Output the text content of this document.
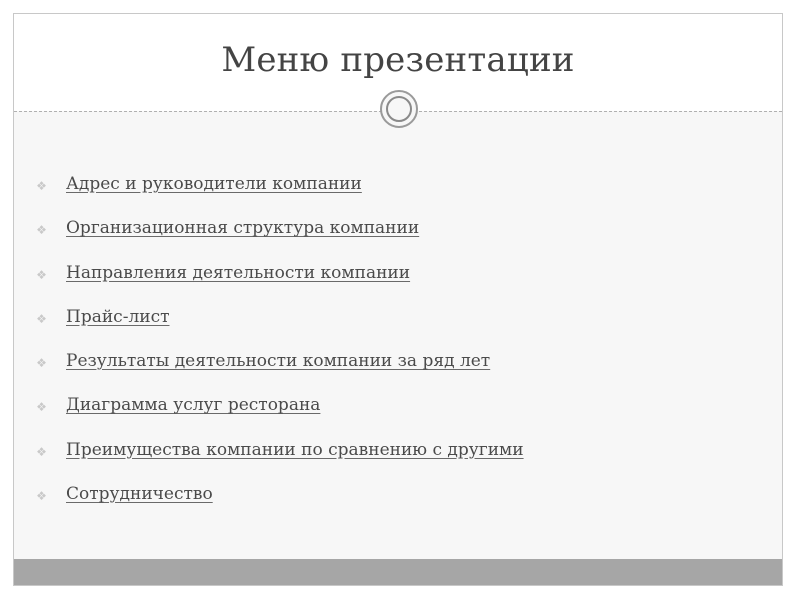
Меню презентации
❖ Адрес и руководители компании
❖ Организационная структура компании
❖ Направления деятельности компании
❖ Прайс-лист
❖ Результаты деятельности компании за ряд лет
❖ Диаграмма услуг ресторана
❖ Преимущества компании по сравнению с другими
❖ Сотрудничество
